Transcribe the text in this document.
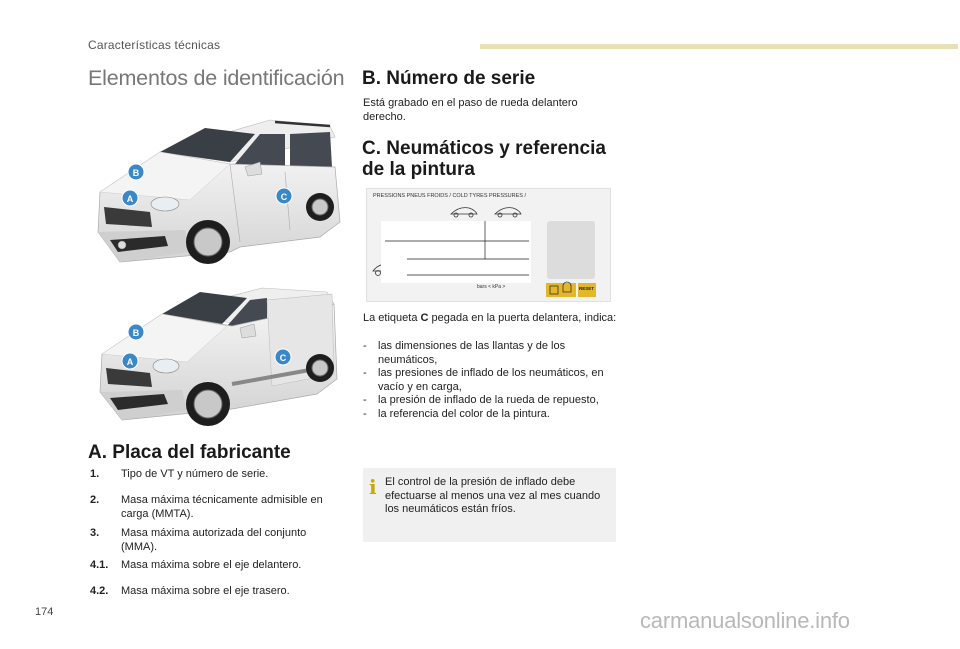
Características técnicas
Elementos de identificación
B
A	C
B
A	C
A. Placa del fabricante
1. Tipo de VT y número de serie.
2. Masa máxima técnicamente admisible en carga (MMTA).
3. Masa máxima autorizada del conjunto (MMA).
4.1. Masa máxima sobre el eje delantero.
4.2. Masa máxima sobre el eje trasero.
B. Número de serie
Está grabado en el paso de rueda delantero derecho.
C. Neumáticos y referencia
de la pintura
PRESSIONS PNEUS FROIDS / COLD TYRES PRESSURES /
bars < kPa >	RESET
La etiqueta C pegada en la puerta delantera, indica:
- las dimensiones de las llantas y de los neumáticos,
- las presiones de inflado de los neumáticos, en vacío y en carga,
- la presión de inflado de la rueda de repuesto,
- la referencia del color de la pintura.
i El control de la presión de inflado debe efectuarse al menos una vez al mes cuando los neumáticos están fríos.
174	carmanualsonline.info
